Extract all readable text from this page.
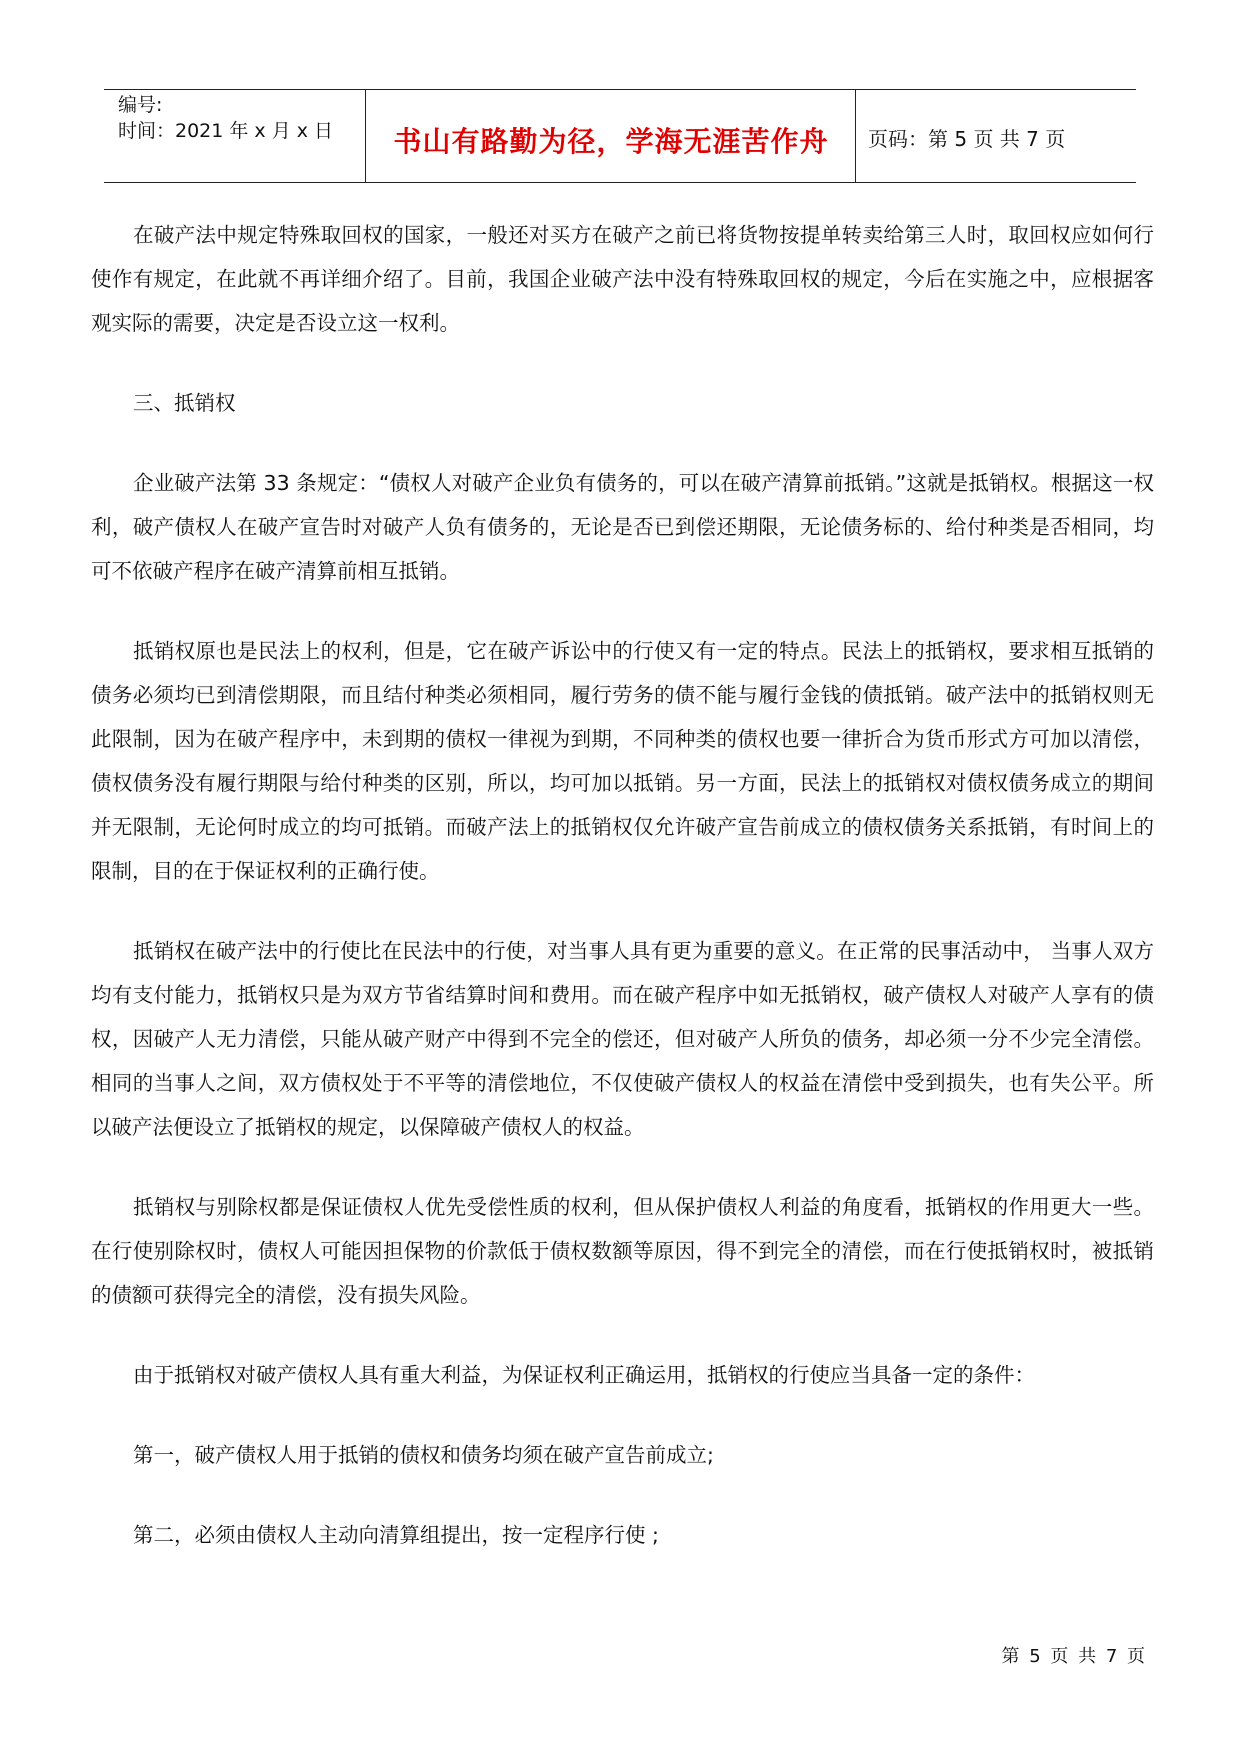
编号:
时间：2021 年 x 月 x 日	书山有路勤为径，学海无涯苦作舟	页码：第 5 页 共 7 页

在破产法中规定特殊取回权的国家，一般还对买方在破产之前已将货物按提单转卖给第三人时，取回权应如何行使作有规定，在此就不再详细介绍了。目前，我国企业破产法中没有特殊取回权的规定，今后在实施之中，应根据客观实际的需要，决定是否设立这一权利。

三、抵销权

企业破产法第 33 条规定：“债权人对破产企业负有债务的，可以在破产清算前抵销。”这就是抵销权。根据这一权利，破产债权人在破产宣告时对破产人负有债务的，无论是否已到偿还期限，无论债务标的、给付种类是否相同，均可不依破产程序在破产清算前相互抵销。

抵销权原也是民法上的权利，但是，它在破产诉讼中的行使又有一定的特点。民法上的抵销权，要求相互抵销的债务必须均已到清偿期限，而且结付种类必须相同，履行劳务的债不能与履行金钱的债抵销。破产法中的抵销权则无此限制，因为在破产程序中，未到期的债权一律视为到期，不同种类的债权也要一律折合为货币形式方可加以清偿，债权债务没有履行期限与给付种类的区别，所以，均可加以抵销。另一方面，民法上的抵销权对债权债务成立的期间并无限制，无论何时成立的均可抵销。而破产法上的抵销权仅允许破产宣告前成立的债权债务关系抵销，有时间上的限制，目的在于保证权利的正确行使。

抵销权在破产法中的行使比在民法中的行使，对当事人具有更为重要的意义。在正常的民事活动中， 当事人双方均有支付能力，抵销权只是为双方节省结算时间和费用。而在破产程序中如无抵销权，破产债权人对破产人享有的债权，因破产人无力清偿，只能从破产财产中得到不完全的偿还，但对破产人所负的债务，却必须一分不少完全清偿。相同的当事人之间，双方债权处于不平等的清偿地位，不仅使破产债权人的权益在清偿中受到损失，也有失公平。所以破产法便设立了抵销权的规定，以保障破产债权人的权益。

抵销权与别除权都是保证债权人优先受偿性质的权利，但从保护债权人利益的角度看，抵销权的作用更大一些。在行使别除权时，债权人可能因担保物的价款低于债权数额等原因，得不到完全的清偿，而在行使抵销权时，被抵销的债额可获得完全的清偿，没有损失风险。

由于抵销权对破产债权人具有重大利益，为保证权利正确运用，抵销权的行使应当具备一定的条件：

第一，破产债权人用于抵销的债权和债务均须在破产宣告前成立;

第二，必须由债权人主动向清算组提出，按一定程序行使 ;

第 5 页 共 7 页
